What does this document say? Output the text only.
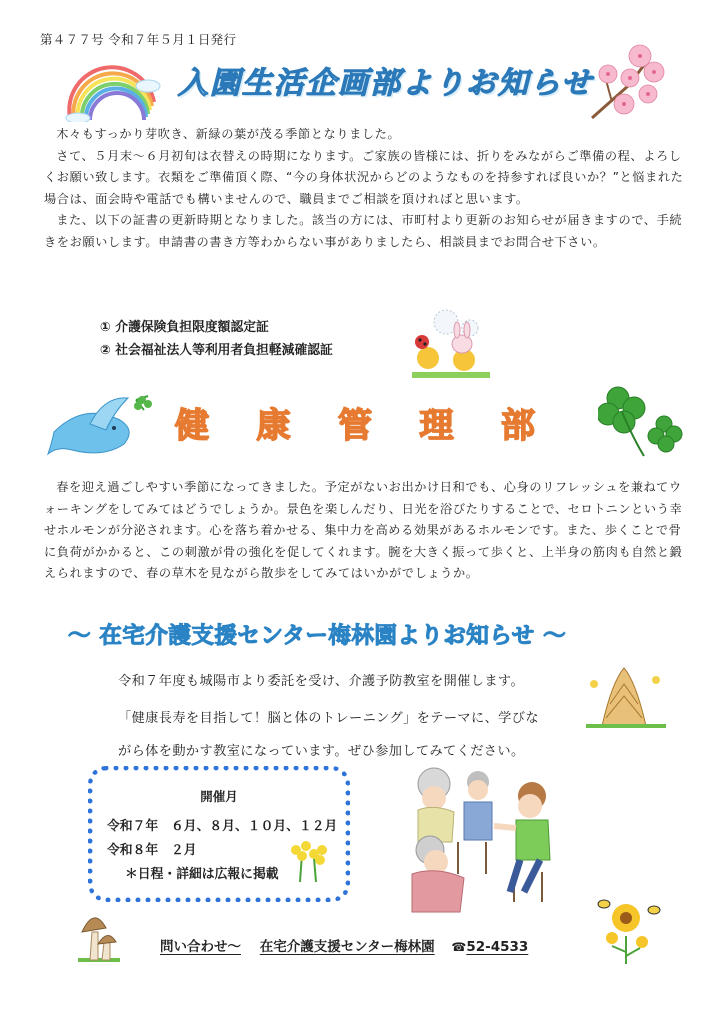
第４７７号 令和７年５月１日発行
入園生活企画部よりお知らせ

木々もすっかり芽吹き、新緑の葉が茂る季節となりました。

さて、５月末～６月初旬は衣替えの時期になります。ご家族の皆様には、折りをみながらご準備の程、よろしくお願い致します。衣類をご準備頂く際、“今の身体状況からどのようなものを持参すれば良いか？”と悩まれた場合は、面会時や電話でも構いませんので、職員までご相談を頂ければと思います。

また、以下の証書の更新時期となりました。該当の方には、市町村より更新のお知らせが届きますので、手続きをお願いします。申請書の書き方等わからない事がありましたら、相談員までお問合せ下さい。

① 介護保険負担限度額認定証
② 社会福祉法人等利用者負担軽減確認証
健 康 管 理 部

春を迎え過ごしやすい季節になってきました。予定がないお出かけ日和でも、心身のリフレッシュを兼ねてウォーキングをしてみてはどうでしょうか。景色を楽しんだり、日光を浴びたりすることで、セロトニンという幸せホルモンが分泌されます。心を落ち着かせる、集中力を高める効果があるホルモンです。また、歩くことで骨に負荷がかかると、この刺激が骨の強化を促してくれます。腕を大きく振って歩くと、上半身の筋肉も自然と鍛えられますので、春の草木を見ながら散歩をしてみてはいかがでしょうか。

～ 在宅介護支援センター梅林園よりお知らせ ～
令和７年度も城陽市より委託を受け、介護予防教室を開催します。
「健康長寿を目指して！脳と体のトレーニング」をテーマに、学びな
がら体を動かす教室になっています。ぜひ参加してみてください。
開催月
令和７年　６月、８月、１０月、１２月
令和８年　２月
＊日程・詳細は広報に掲載
問い合わせ～ 在宅介護支援センター梅林園 ☎52-4533
